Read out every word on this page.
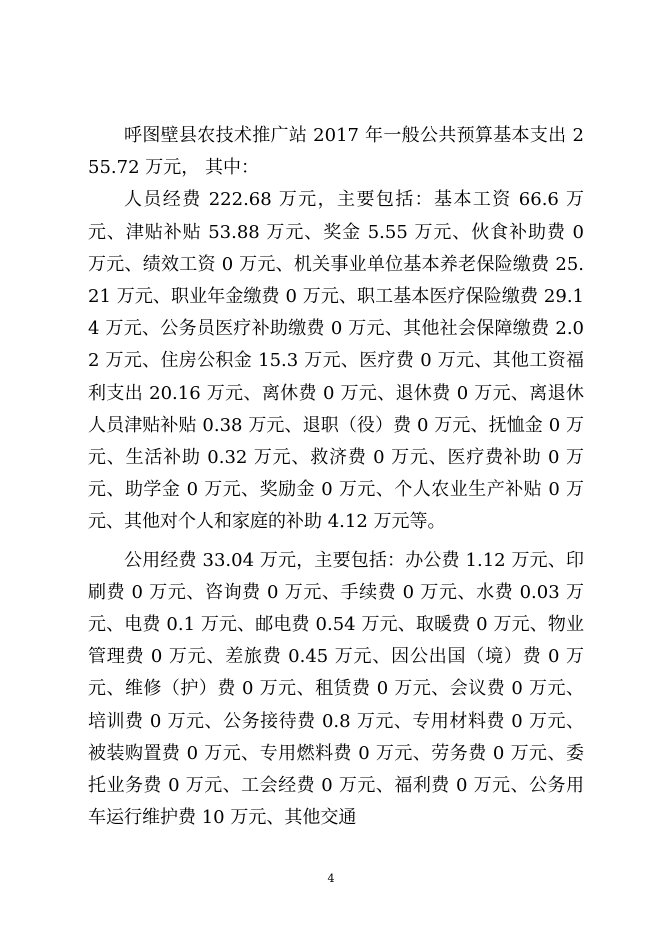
呼图壁县农技术推广站 2017 年一般公共预算基本支出 255.72 万元， 其中：

人员经费 222.68 万元，主要包括：基本工资 66.6 万元、津贴补贴 53.88 万元、奖金 5.55 万元、伙食补助费 0 万元、绩效工资 0 万元、机关事业单位基本养老保险缴费 25.21 万元、职业年金缴费 0 万元、职工基本医疗保险缴费 29.14 万元、公务员医疗补助缴费 0 万元、其他社会保障缴费 2.02 万元、住房公积金 15.3 万元、医疗费 0 万元、其他工资福利支出 20.16 万元、离休费 0 万元、退休费 0 万元、离退休人员津贴补贴 0.38 万元、退职（役）费 0 万元、抚恤金 0 万元、生活补助 0.32 万元、救济费 0 万元、医疗费补助 0 万元、助学金 0 万元、奖励金 0 万元、个人农业生产补贴 0 万元、其他对个人和家庭的补助 4.12 万元等。

公用经费 33.04 万元，主要包括：办公费 1.12 万元、印刷费 0 万元、咨询费 0 万元、手续费 0 万元、水费 0.03 万元、电费 0.1 万元、邮电费 0.54 万元、取暖费 0 万元、物业管理费 0 万元、差旅费 0.45 万元、因公出国（境）费 0 万元、维修（护）费 0 万元、租赁费 0 万元、会议费 0 万元、培训费 0 万元、公务接待费 0.8 万元、专用材料费 0 万元、被装购置费 0 万元、专用燃料费 0 万元、劳务费 0 万元、委托业务费 0 万元、工会经费 0 万元、福利费 0 万元、公务用车运行维护费 10 万元、其他交通

4
